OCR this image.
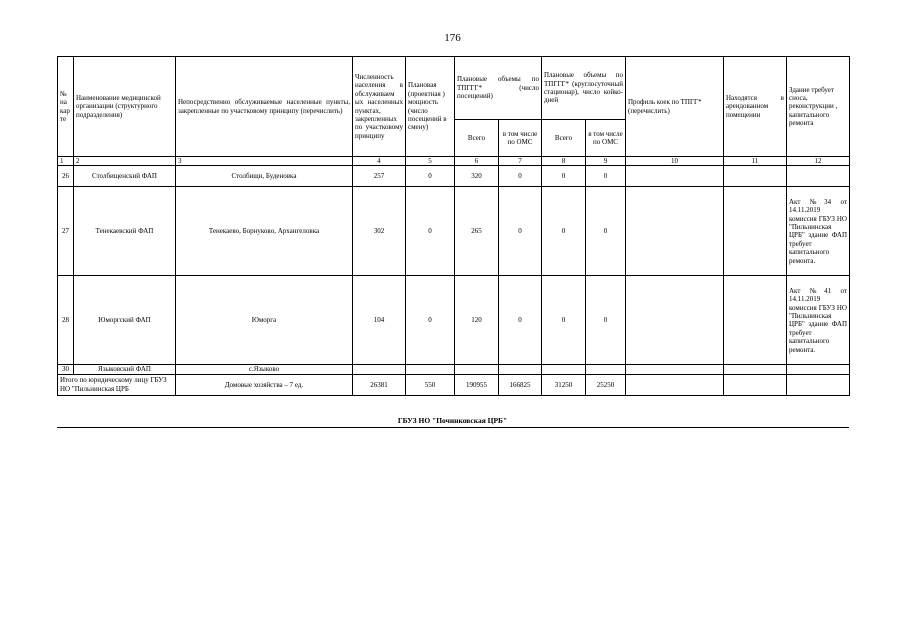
176
№ на кар те	Наименование медицинской организации (структурного подразделения)	Непосредственно обслуживаемые населенные пункты, закрепленные по участковому принципу (перечислить)	Численность населения в обслуживаем ых населенных пунктах, закрепленных по участковому принципу	Плановая (проектная ) мощность (число посещений в смену)	Плановые объемы по ТПГГГ* (число посещений)		Плановые объемы по ТПГГГ* (круглосуточный стационар), число койко-дней		Профиль коек по ТПГГ* (перечислить)	Находятся в арендованном помещении	Здание требует сноса, реконструкции , капитального ремонта
					Всего	в том числе по ОМС	Всего	в том числе по ОМС			
1	2	3	4	5	6	7	8	9	10	11	12
26	Столбищенский ФАП	Столбищи, Буденовка	257	0	320	0	0	0			
27	Тенекаевский ФАП	Тенекаево, Борнуково, Архангеловка	302	0	265	0	0	0			Акт №34 от 14.11.2019 комиссия ГБУЗ НО "Пильнинская ЦРБ" здание ФАП требует капитального ремонта.
28	Юморгский ФАП	Юморга	104	0	120	0	0	0			Акт №41 от 14.11.2019 комиссия ГБУЗ НО "Пильнинская ЦРБ" здание ФАП требует капитального ремонта.
30	Языковский ФАП	с.Языково									
Итого по юридическому лицу ГБУЗ НО "Пильнинская ЦРБ		Домовые хозяйства – 7 ед.	26381	550	190955	166825	31250	25250			
ГБУЗ НО "Починковская ЦРБ"
